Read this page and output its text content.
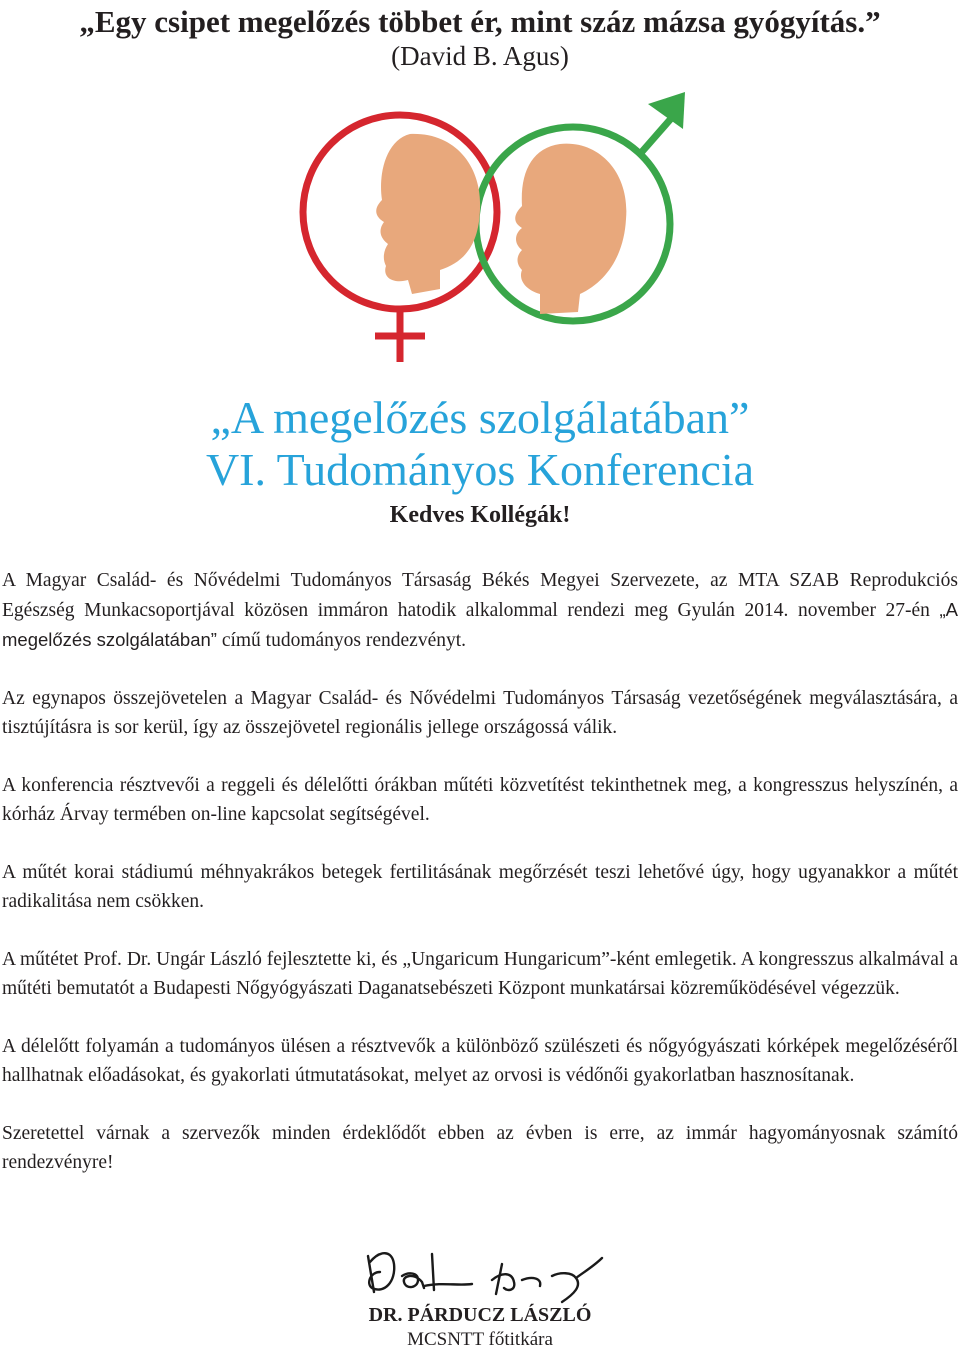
„Egy csipet megelőzés többet ér, mint száz mázsa gyógyítás.”
(David B. Agus)
„A megelőzés szolgálatában”
VI. Tudományos Konferencia
Kedves Kollégák!

A Magyar Család- és Nővédelmi Tudományos Társaság Békés Megyei Szervezete, az MTA SZAB Reprodukciós Egészség Munkacsoportjával közösen immáron hatodik alkalommal rendezi meg Gyulán 2014. november 27-én „A megelőzés szolgálatában” című tudományos rendezvényt.

Az egynapos összejövetelen a Magyar Család- és Nővédelmi Tudományos Társaság vezetőségének megválasztására, a tisztújításra is sor kerül, így az összejövetel regionális jellege országossá válik.

A konferencia résztvevői a reggeli és délelőtti órákban műtéti közvetítést tekinthetnek meg, a kongresszus helyszínén, a kórház Árvay termében on-line kapcsolat segítségével.

A műtét korai stádiumú méhnyakrákos betegek fertilitásának megőrzését teszi lehetővé úgy, hogy ugyanakkor a műtét radikalitása nem csökken.

A műtétet Prof. Dr. Ungár László fejlesztette ki, és „Ungaricum Hungaricum”-ként emlegetik. A kongresszus alkalmával a műtéti bemutatót a Budapesti Nőgyógyászati Daganatsebészeti Központ munkatársai közreműködésével végezzük.

A délelőtt folyamán a tudományos ülésen a résztvevők a különböző szülészeti és nőgyógyászati kórképek megelőzéséről hallhatnak előadásokat, és gyakorlati útmutatásokat, melyet az orvosi is védőnői gyakorlatban hasznosítanak.

Szeretettel várnak a szervezők minden érdeklődőt ebben az évben is erre, az immár hagyományosnak számító rendezvényre!

DR. PÁRDUCZ LÁSZLÓ
MCSNTT főtitkára
